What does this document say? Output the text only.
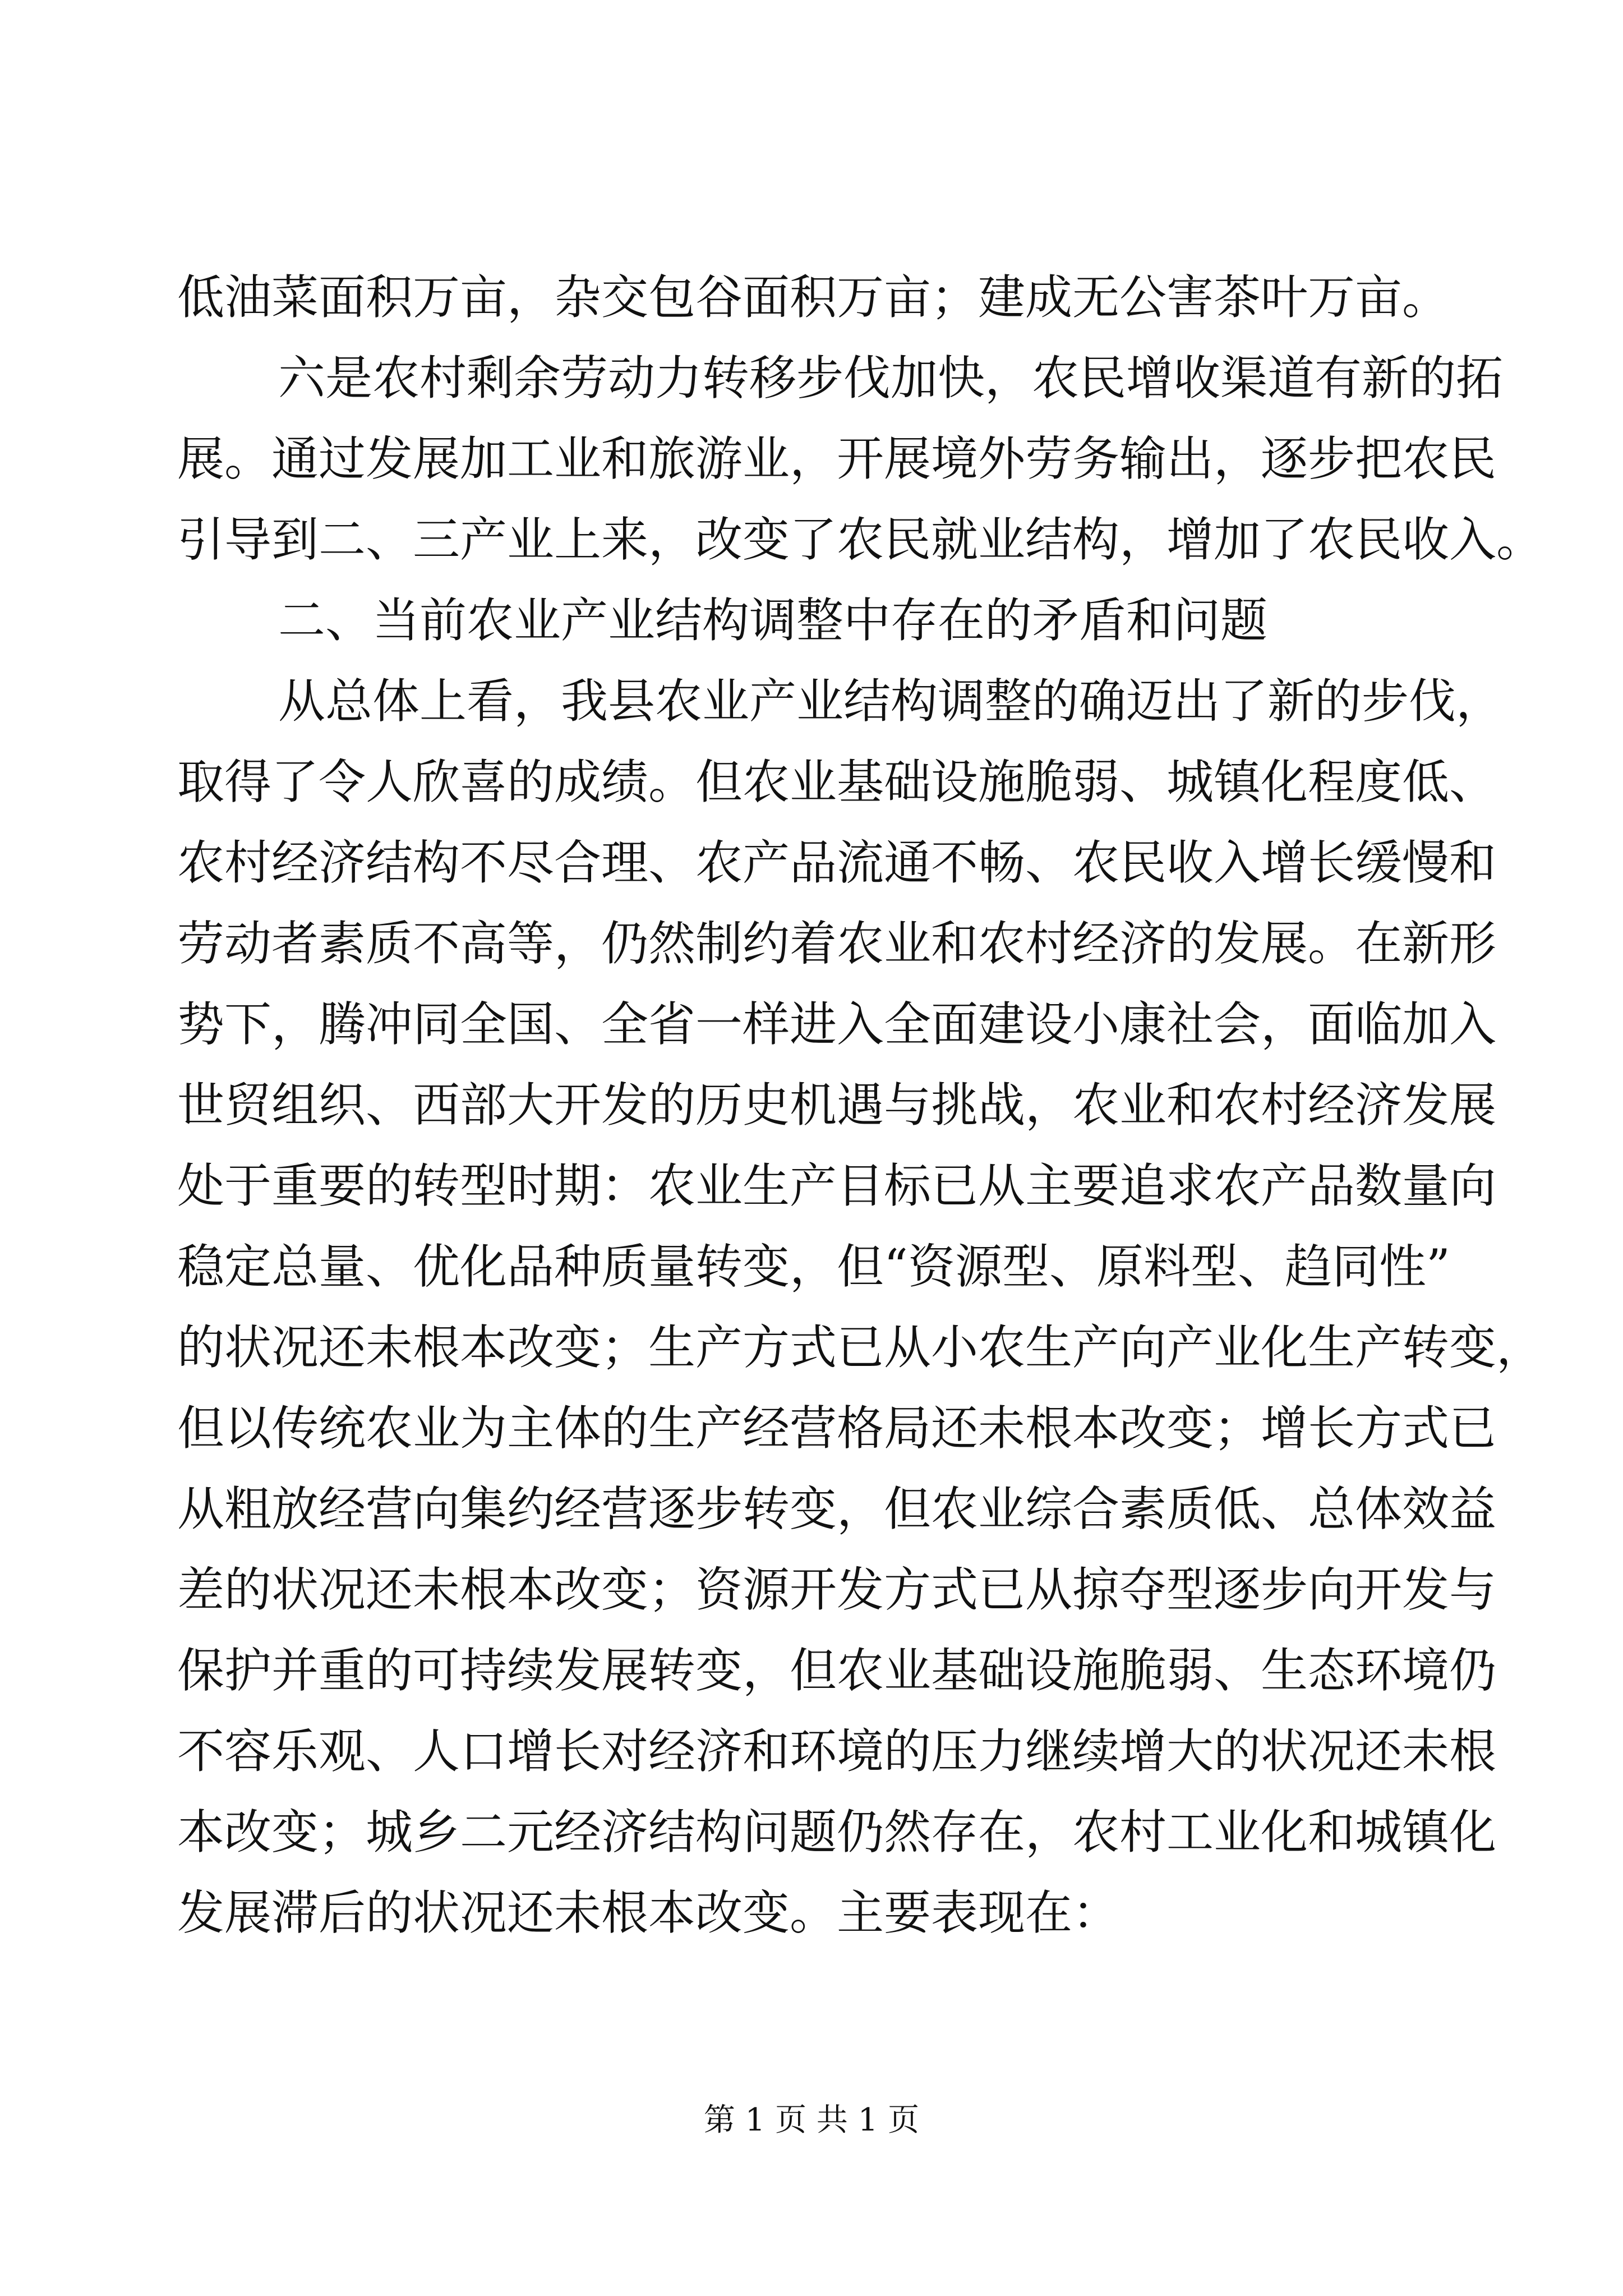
低油菜面积万亩，杂交包谷面积万亩；建成无公害茶叶万亩。
六是农村剩余劳动力转移步伐加快，农民增收渠道有新的拓
展。通过发展加工业和旅游业，开展境外劳务输出，逐步把农民
引导到二、三产业上来，改变了农民就业结构，增加了农民收入。
二、当前农业产业结构调整中存在的矛盾和问题
从总体上看，我县农业产业结构调整的确迈出了新的步伐，
取得了令人欣喜的成绩。但农业基础设施脆弱、城镇化程度低、
农村经济结构不尽合理、农产品流通不畅、农民收入增长缓慢和
劳动者素质不高等，仍然制约着农业和农村经济的发展。在新形
势下，腾冲同全国、全省一样进入全面建设小康社会，面临加入
世贸组织、西部大开发的历史机遇与挑战，农业和农村经济发展
处于重要的转型时期：农业生产目标已从主要追求农产品数量向
稳定总量、优化品种质量转变，但“资源型、原料型、趋同性”
的状况还未根本改变；生产方式已从小农生产向产业化生产转变，
但以传统农业为主体的生产经营格局还未根本改变；增长方式已
从粗放经营向集约经营逐步转变，但农业综合素质低、总体效益
差的状况还未根本改变；资源开发方式已从掠夺型逐步向开发与
保护并重的可持续发展转变，但农业基础设施脆弱、生态环境仍
不容乐观、人口增长对经济和环境的压力继续增大的状况还未根
本改变；城乡二元经济结构问题仍然存在，农村工业化和城镇化
发展滞后的状况还未根本改变。主要表现在：
第 1 页 共 1 页
